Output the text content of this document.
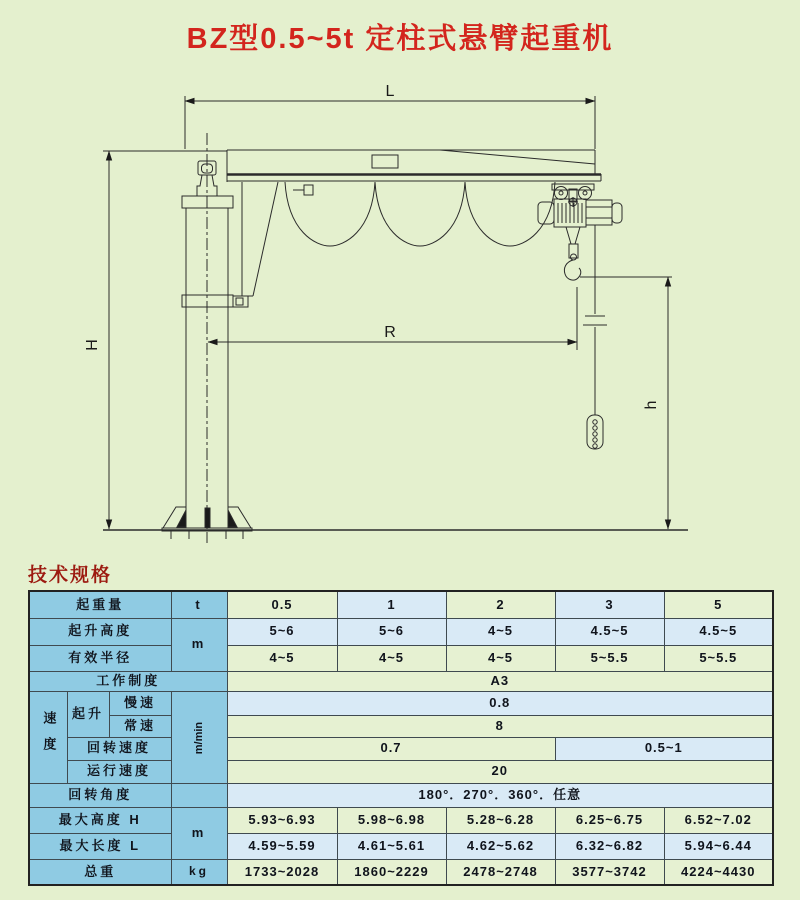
BZ型0.5~5t 定柱式悬臂起重机
L
H
R
h
技术规格
起重量			t	0.5	1	2	3	5
起升高度			m	5~6	5~6	4~5	4.5~5	4.5~5
有效半径				4~5	4~5	4~5	5~5.5	5~5.5
工作制度				A3				
速度	起升	慢速	m/min	0.8				
		常速		8				
	回转速度			0.7			0.5~1	
	运行速度			20				
回转角度				180°．270°．360°．任意				
最大高度 H			m	5.93~6.93	5.98~6.98	5.28~6.28	6.25~6.75	6.52~7.02
最大长度 L				4.59~5.59	4.61~5.61	4.62~5.62	6.32~6.82	5.94~6.44
总重			kg	1733~2028	1860~2229	2478~2748	3577~3742	4224~4430
